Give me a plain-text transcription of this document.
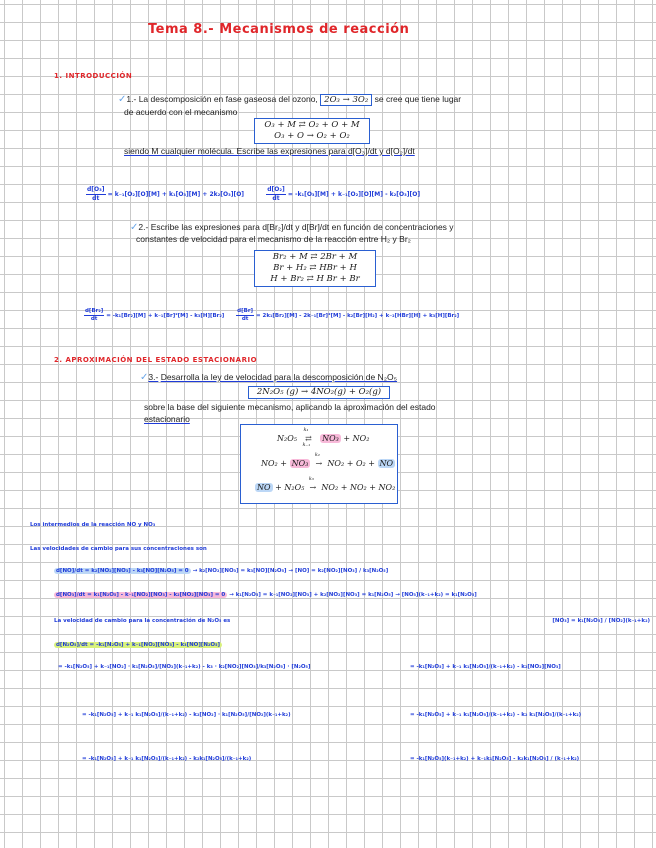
Tema 8.- Mecanismos de reacción
1. INTRODUCCIÓN
✓1.- La descomposición en fase gaseosa del ozono, 2O₃ → 3O₂ se cree que tiene lugar
de acuerdo con el mecanismo
O₃ + M ⇄ O₂ + O + M
O₃ + O → O₂ + O₂
siendo M cualquier molécula. Escribe las expresiones para d[O₃]/dt y d[O₂]/dt
$\frac{\text{d[O₃]}}{dt} = k_{-1}[O_2][O][M] + k_1[O_3][M] + 2k_2[O_3][O]$	$\frac{\text{d[O₂]}}{dt} = -k_1[O_3][M] + k_{-1}[O_2][O][M] - k_2[O_3][O]$
✓2.- Escribe las expresiones para d[Br₂]/dt y d[Br]/dt en función de concentraciones y
constantes de velocidad para el mecanismo de la reacción entre H₂ y Br₂
Br₂ + M ⇄ 2Br + M
Br + H₂ ⇄ HBr + H
H + Br₂ ⇄ H Br + Br
$\frac{\text{d[Br₂]}}{dt} = -k_1[Br_2][M] + k_{-1}[Br]^2[M] - k_3[H][Br_2] \frac{d[Br]}{dt} = 2k_1[Br_2][M] - 2k_{-1}[Br]^2[M] - k_2[Br][H_2] + k_{-2}[HBr][H] + k_3[H][Br_2]$
2. APROXIMACIÓN DEL ESTADO ESTACIONARIO
✓3.- Desarrolla la ley de velocidad para la descomposición de N₂O₅
2N₂O₅ (g) → 4NO₂(g) + O₂(g)
sobre la base del siguiente mecanismo, aplicando la aproximación del estado
estacionario
N₂O₅
k₁
⇄
k₋₁
NO₃ + NO₂
NO₂ + NO₃
k₂
→ NO₂ + O₂ + NO
NO + N₂O₅
k₃
→ NO₂ + NO₂ + NO₂
Los intermedios de la reacción NO y NO₃
Las velocidades de cambio para sus concentraciones son
d[NO]/dt = k₂[NO₂][NO₃] - k₃[NO][N₂O₅] = 0 → k₂[NO₂][NO₃] = k₃[NO][N₂O₅] → [NO] = k₂[NO₂][NO₃] / k₃[N₂O₅]
d[NO₃]/dt = k₁[N₂O₅] - k₋₁[NO₂][NO₃] - k₂[NO₂][NO₃] = 0 → k₁[N₂O₅] = k₋₁[NO₂][NO₃] + k₂[NO₂][NO₃] = k₁[N₂O₅] → [NO₃](k₋₁+k₂) = k₁[N₂O₅]
La velocidad de cambio para la concentración de N₂O₅ es	[NO₃] = k₁[N₂O₅] / [NO₂](k₋₁+k₂)
d[N₂O₅]/dt = -k₁[N₂O₅] + k₋₁[NO₂][NO₃] - k₃[NO][N₂O₅]
= -k₁[N₂O₅] + k₋₁[NO₂] · k₁[N₂O₅]/[NO₂](k₋₁+k₂) - k₃ · k₂[NO₂][NO₃]/k₃[N₂O₅] · [N₂O₅]	= -k₁[N₂O₅] + k₋₁ k₁[N₂O₅]/(k₋₁+k₂) - k₂[NO₂][NO₃]
= -k₁[N₂O₅] + k₋₁ k₁[N₂O₅]/(k₋₁+k₂) - k₂[NO₂] · k₁[N₂O₅]/[NO₂](k₋₁+k₂)	= -k₁[N₂O₅] + k₋₁ k₁[N₂O₅]/(k₋₁+k₂) - k₂ k₁[N₂O₅]/(k₋₁+k₂)
= -k₁[N₂O₅] + k₋₁ k₁[N₂O₅]/(k₋₁+k₂) - k₂k₁[N₂O₅]/(k₋₁+k₂)	= -k₁[N₂O₅](k₋₁+k₂) + k₋₁k₁[N₂O₅] - k₂k₁[N₂O₅] / (k₋₁+k₂)
